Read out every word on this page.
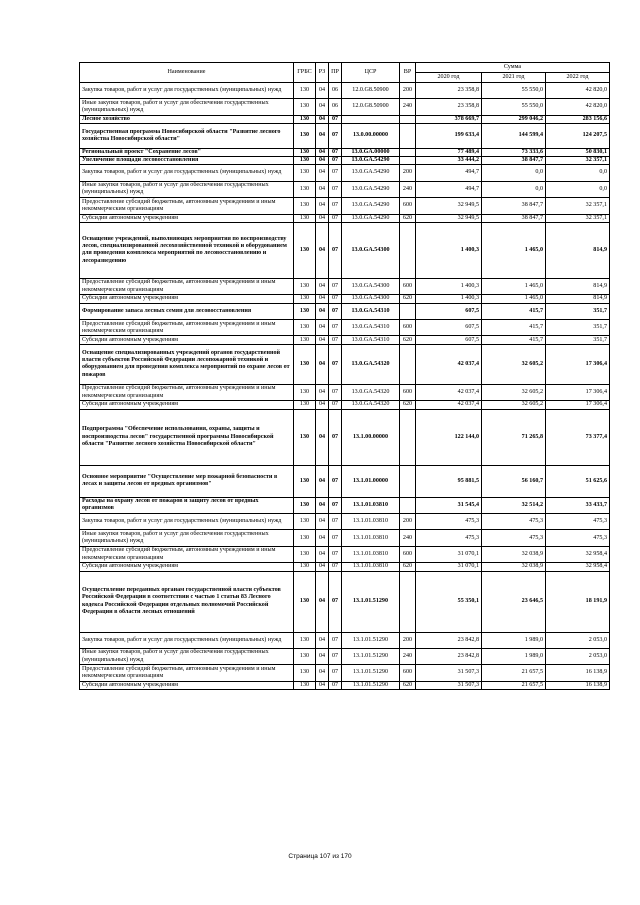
Наименование	ГРБС	РЗ	ПР	ЦСР	ВР	Сумма		
						2020 год	2021 год	2022 год
Закупка товаров, работ и услуг для государственных (муниципальных) нужд	130	04	06	12.0.G8.50900	200	23 358,8	55 550,0	42 820,0
Иные закупки товаров, работ и услуг для обеспечения государственных (муниципальных) нужд	130	04	06	12.0.G8.50900	240	23 358,8	55 550,0	42 820,0
Лесное хозяйство	130	04	07			378 669,7	299 046,2	283 156,6
Государственная программа Новосибирской области "Развитие лесного хозяйства Новосибирской области"	130	04	07	13.0.00.00000		199 633,4	144 599,4	124 207,5
Региональный проект "Сохранение лесов"	130	04	07	13.0.GA.00000		77 489,4	73 333,6	50 830,1
Увеличение площади лесовосстановления	130	04	07	13.0.GA.54290		33 444,2	38 847,7	32 357,1
Закупка товаров, работ и услуг для государственных (муниципальных) нужд	130	04	07	13.0.GA.54290	200	494,7	0,0	0,0
Иные закупки товаров, работ и услуг для обеспечения государственных (муниципальных) нужд	130	04	07	13.0.GA.54290	240	494,7	0,0	0,0
Предоставление субсидий бюджетным, автономным учреждениям и иным некоммерческим организациям	130	04	07	13.0.GA.54290	600	32 949,5	38 847,7	32 357,1
Субсидии автономным учреждениям	130	04	07	13.0.GA.54290	620	32 949,5	38 847,7	32 357,1
Оснащение учреждений, выполняющих мероприятия по воспроизводству лесов, специализированной лесохозяйственной техникой и оборудованием для проведения комплекса мероприятий по лесовосстановлению и лесоразведению	130	04	07	13.0.GA.54300		1 400,3	1 465,0	814,9
Предоставление субсидий бюджетным, автономным учреждениям и иным некоммерческим организациям	130	04	07	13.0.GA.54300	600	1 400,3	1 465,0	814,9
Субсидии автономным учреждениям	130	04	07	13.0.GA.54300	620	1 400,3	1 465,0	814,9
Формирование запаса лесных семян для лесовосстановления	130	04	07	13.0.GA.54310		607,5	415,7	351,7
Предоставление субсидий бюджетным, автономным учреждениям и иным некоммерческим организациям	130	04	07	13.0.GA.54310	600	607,5	415,7	351,7
Субсидии автономным учреждениям	130	04	07	13.0.GA.54310	620	607,5	415,7	351,7
Оснащение специализированных учреждений органов государственной власти субъектов Российской Федерации лесопожарной техникой и оборудованием для проведения комплекса мероприятий по охране лесов от пожаров	130	04	07	13.0.GA.54320		42 037,4	32 605,2	17 306,4
Предоставление субсидий бюджетным, автономным учреждениям и иным некоммерческим организациям	130	04	07	13.0.GA.54320	600	42 037,4	32 605,2	17 306,4
Субсидии автономным учреждениям	130	04	07	13.0.GA.54320	620	42 037,4	32 605,2	17 306,4
Подпрограмма "Обеспечение использования, охраны, защиты и воспроизводства лесов" государственной программы Новосибирской области "Развитие лесного хозяйства Новосибирской области"	130	04	07	13.1.00.00000		122 144,0	71 265,8	73 377,4
Основное мероприятие "Осуществление мер пожарной безопасности в лесах и защиты лесов от вредных организмов"	130	04	07	13.1.01.00000		95 881,5	56 160,7	51 625,6
Расходы на охрану лесов от пожаров и защиту лесов от вредных организмов	130	04	07	13.1.01.03810		31 545,4	32 514,2	33 433,7
Закупка товаров, работ и услуг для государственных (муниципальных) нужд	130	04	07	13.1.01.03810	200	475,3	475,3	475,3
Иные закупки товаров, работ и услуг для обеспечения государственных (муниципальных) нужд	130	04	07	13.1.01.03810	240	475,3	475,3	475,3
Предоставление субсидий бюджетным, автономным учреждениям и иным некоммерческим организациям	130	04	07	13.1.01.03810	600	31 070,1	32 038,9	32 958,4
Субсидии автономным учреждениям	130	04	07	13.1.01.03810	620	31 070,1	32 038,9	32 958,4
Осуществление переданных органам государственной власти субъектов Российской Федерации в соответствии с частью 1 статьи 83 Лесного кодекса Российской Федерации отдельных полномочий Российской Федерации в области лесных отношений	130	04	07	13.1.01.51290		55 350,1	23 646,5	18 191,9
Закупка товаров, работ и услуг для государственных (муниципальных) нужд	130	04	07	13.1.01.51290	200	23 842,8	1 989,0	2 053,0
Иные закупки товаров, работ и услуг для обеспечения государственных (муниципальных) нужд	130	04	07	13.1.01.51290	240	23 842,8	1 989,0	2 053,0
Предоставление субсидий бюджетным, автономным учреждениям и иным некоммерческим организациям	130	04	07	13.1.01.51290	600	31 507,3	21 657,5	16 138,9
Субсидии автономным учреждениям	130	04	07	13.1.01.51290	620	31 507,3	21 657,5	16 138,9
Страница 107 из 170
